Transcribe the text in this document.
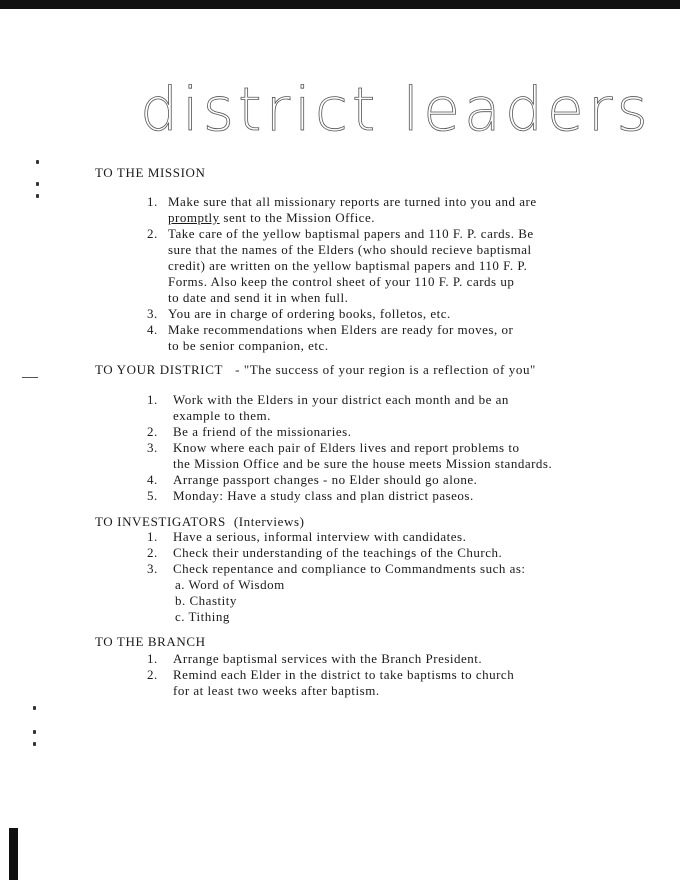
district leaders
TO THE MISSION
1. Make sure that all missionary reports are turned into you and are
promptly sent to the Mission Office.
2. Take care of the yellow baptismal papers and 110 F. P. cards. Be
sure that the names of the Elders (who should recieve baptismal
credit) are written on the yellow baptismal papers and 110 F. P.
Forms. Also keep the control sheet of your 110 F. P. cards up
to date and send it in when full.
3. You are in charge of ordering books, folletos, etc.
4. Make recommendations when Elders are ready for moves, or
to be senior companion, etc.
TO YOUR DISTRICT - "The success of your region is a reflection of you"
1. Work with the Elders in your district each month and be an
example to them.
2. Be a friend of the missionaries.
3. Know where each pair of Elders lives and report problems to
the Mission Office and be sure the house meets Mission standards.
4. Arrange passport changes - no Elder should go alone.
5. Monday: Have a study class and plan district paseos.
TO INVESTIGATORS (Interviews)
1. Have a serious, informal interview with candidates.
2. Check their understanding of the teachings of the Church.
3. Check repentance and compliance to Commandments such as:
a. Word of Wisdom
b. Chastity
c. Tithing
TO THE BRANCH
1. Arrange baptismal services with the Branch President.
2. Remind each Elder in the district to take baptisms to church
for at least two weeks after baptism.
